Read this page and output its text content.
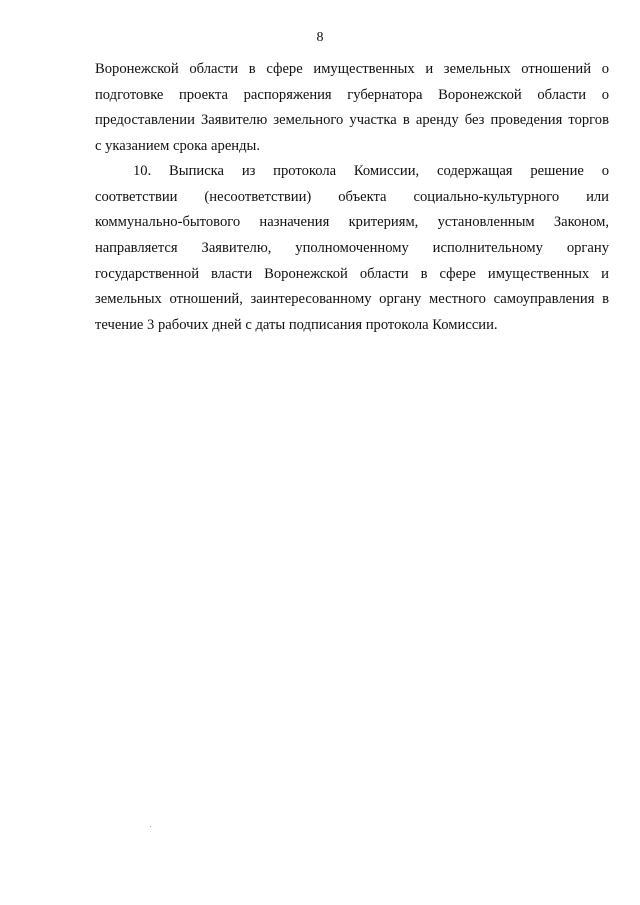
8
Воронежской области в сфере имущественных и земельных отношений о
подготовке проекта распоряжения губернатора Воронежской области о
предоставлении Заявителю земельного участка в аренду без проведения торгов
с указанием срока аренды.
10. Выписка из протокола Комиссии, содержащая решение о
соответствии (несоответствии) объекта социально-культурного или
коммунально-бытового назначения критериям, установленным Законом,
направляется Заявителю, уполномоченному исполнительному органу
государственной власти Воронежской области в сфере имущественных и
земельных отношений, заинтересованному органу местного самоуправления в
течение 3 рабочих дней с даты подписания протокола Комиссии.
